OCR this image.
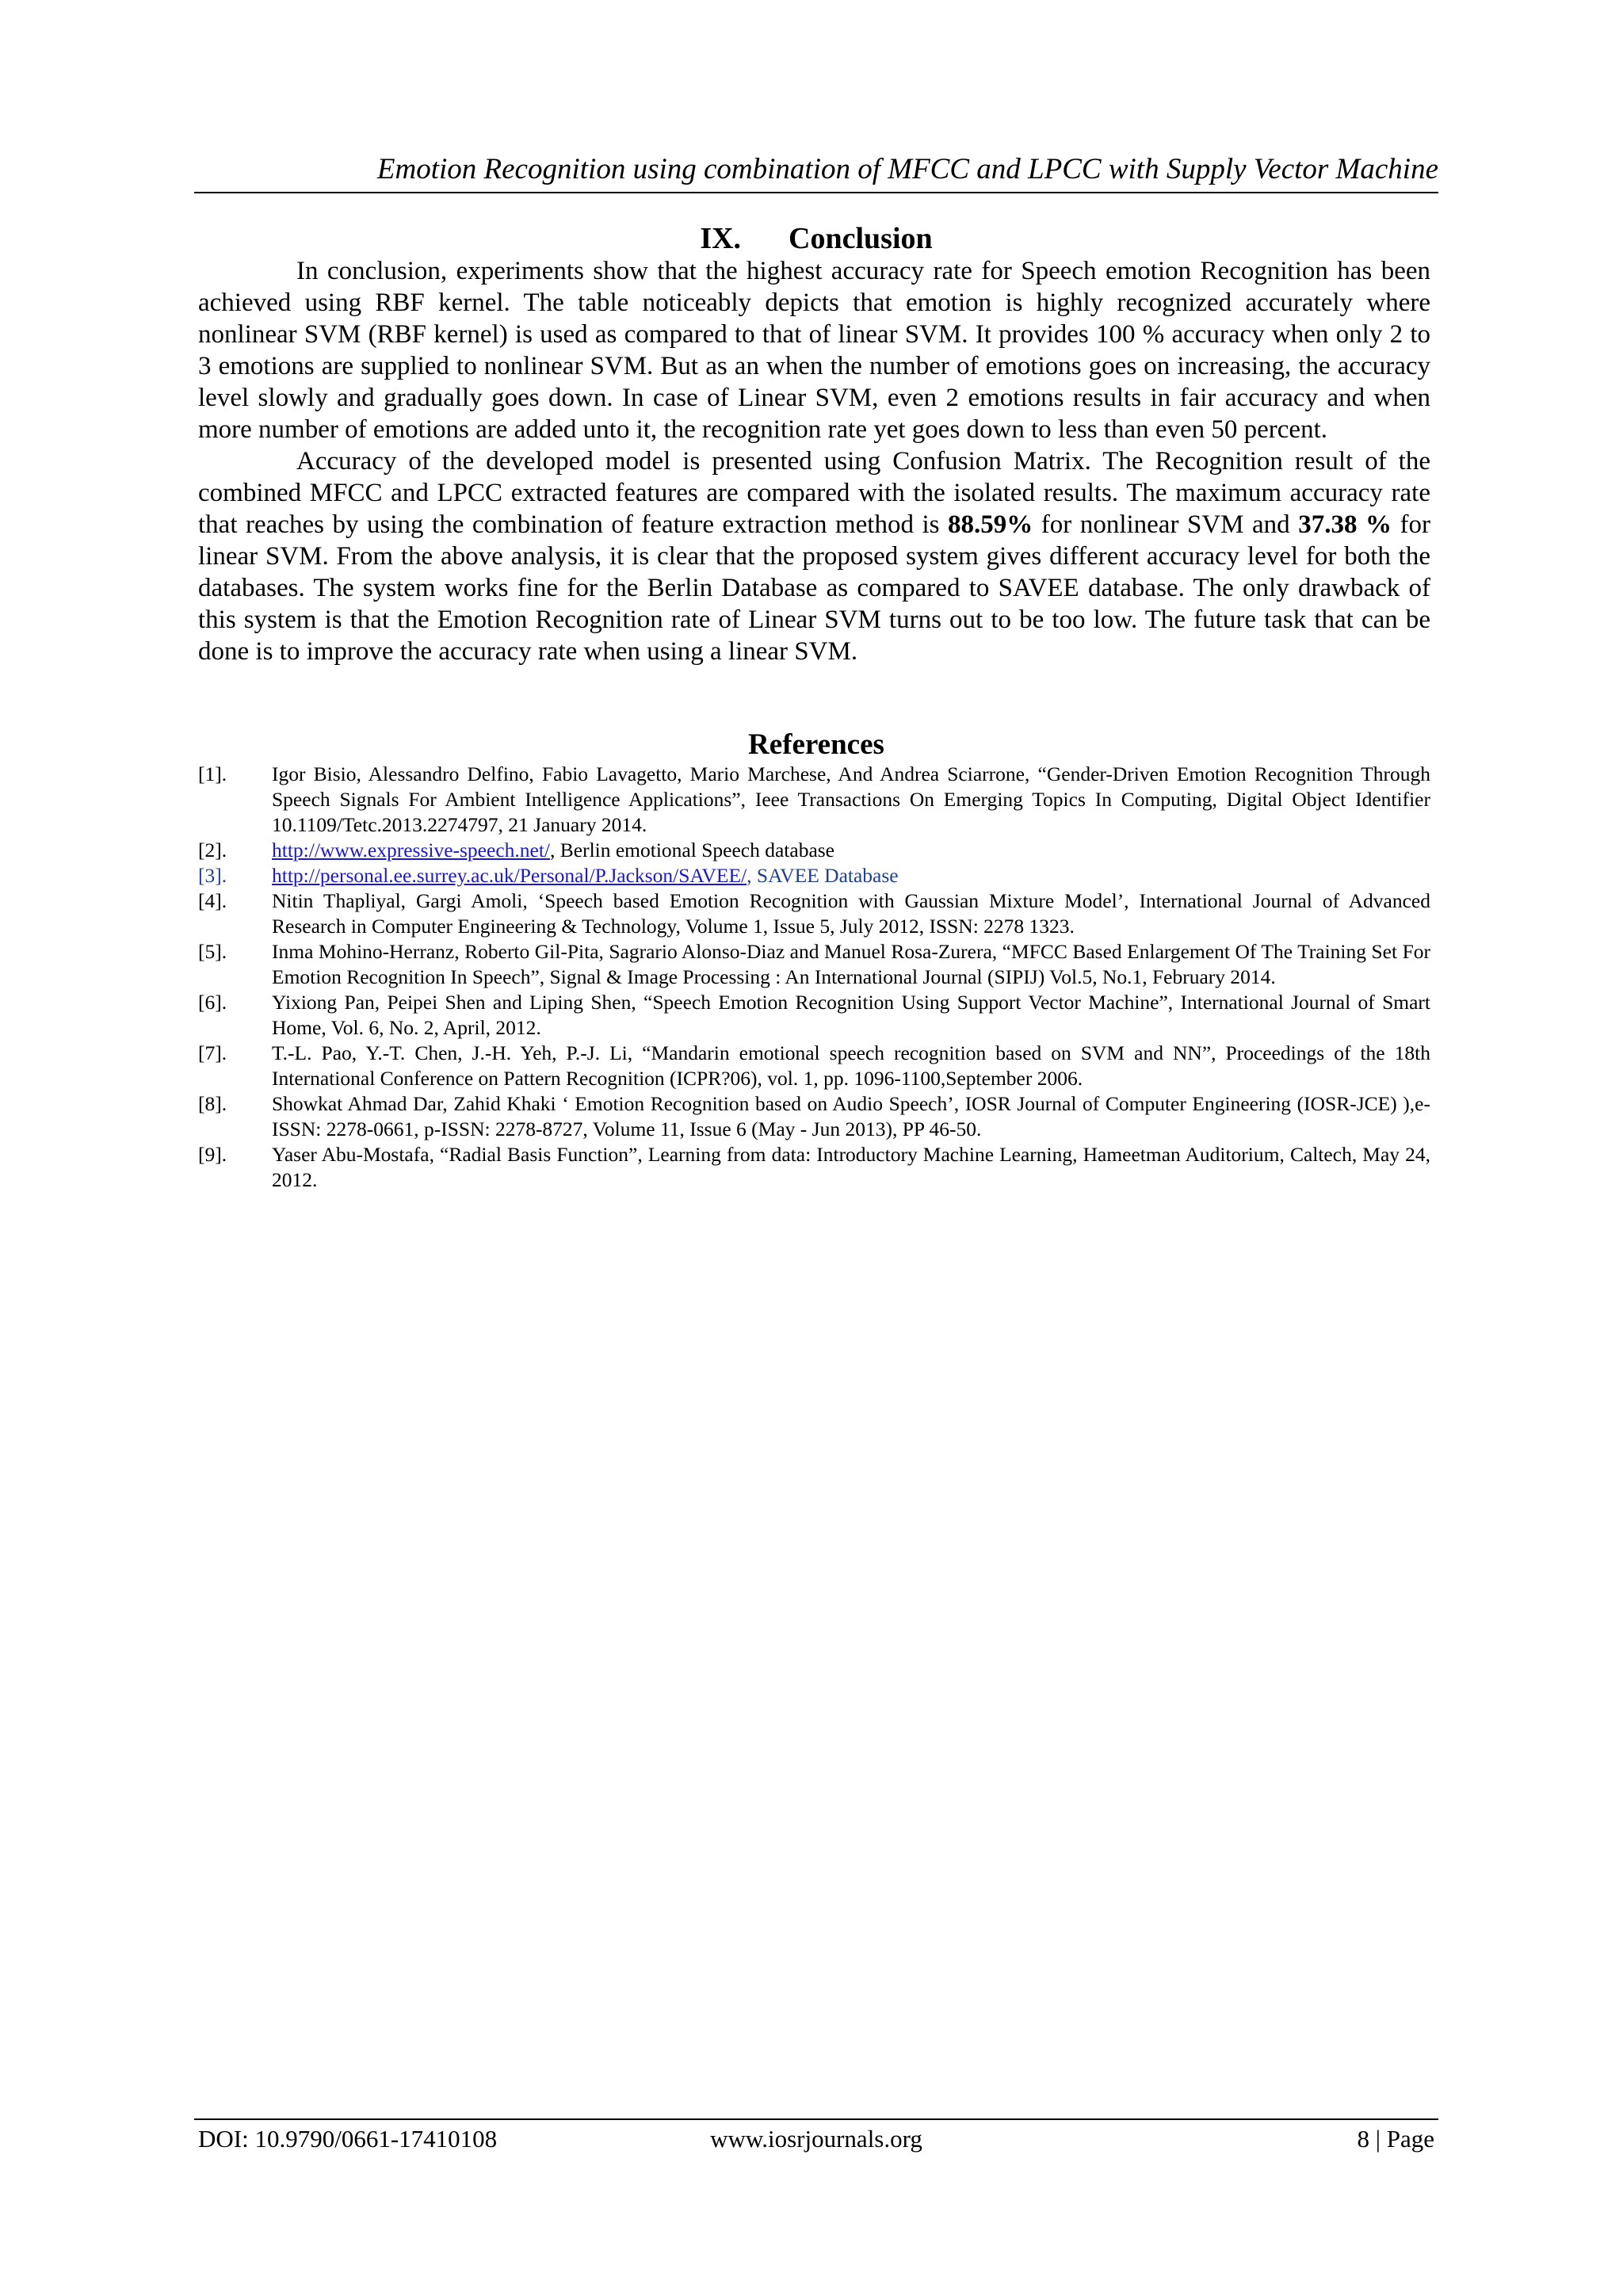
Emotion Recognition using combination of MFCC and LPCC with Supply Vector Machine
IX. Conclusion

In conclusion, experiments show that the highest accuracy rate for Speech emotion Recognition has been achieved using RBF kernel. The table noticeably depicts that emotion is highly recognized accurately where nonlinear SVM (RBF kernel) is used as compared to that of linear SVM. It provides 100 % accuracy when only 2 to 3 emotions are supplied to nonlinear SVM. But as an when the number of emotions goes on increasing, the accuracy level slowly and gradually goes down. In case of Linear SVM, even 2 emotions results in fair accuracy and when more number of emotions are added unto it, the recognition rate yet goes down to less than even 50 percent.

Accuracy of the developed model is presented using Confusion Matrix. The Recognition result of the combined MFCC and LPCC extracted features are compared with the isolated results. The maximum accuracy rate that reaches by using the combination of feature extraction method is 88.59% for nonlinear SVM and 37.38 % for linear SVM. From the above analysis, it is clear that the proposed system gives different accuracy level for both the databases. The system works fine for the Berlin Database as compared to SAVEE database. The only drawback of this system is that the Emotion Recognition rate of Linear SVM turns out to be too low. The future task that can be done is to improve the accuracy rate when using a linear SVM.

References
[1].	Igor Bisio, Alessandro Delfino, Fabio Lavagetto, Mario Marchese, And Andrea Sciarrone, “Gender-Driven Emotion Recognition Through Speech Signals For Ambient Intelligence Applications”, Ieee Transactions On Emerging Topics In Computing, Digital Object Identifier 10.1109/Tetc.2013.2274797, 21 January 2014.
[2].	http://www.expressive-speech.net/, Berlin emotional Speech database
[3].	http://personal.ee.surrey.ac.uk/Personal/P.Jackson/SAVEE/, SAVEE Database
[4].	Nitin Thapliyal, Gargi Amoli, ‘Speech based Emotion Recognition with Gaussian Mixture Model’, International Journal of Advanced Research in Computer Engineering & Technology, Volume 1, Issue 5, July 2012, ISSN: 2278 1323.
[5].	Inma Mohino-Herranz, Roberto Gil-Pita, Sagrario Alonso-Diaz and Manuel Rosa-Zurera, “MFCC Based Enlargement Of The Training Set For Emotion Recognition In Speech”, Signal & Image Processing : An International Journal (SIPIJ) Vol.5, No.1, February 2014.
[6].	Yixiong Pan, Peipei Shen and Liping Shen, “Speech Emotion Recognition Using Support Vector Machine”, International Journal of Smart Home, Vol. 6, No. 2, April, 2012.
[7].	T.-L. Pao, Y.-T. Chen, J.-H. Yeh, P.-J. Li, “Mandarin emotional speech recognition based on SVM and NN”, Proceedings of the 18th International Conference on Pattern Recognition (ICPR?06), vol. 1, pp. 1096-1100,September 2006.
[8].	Showkat Ahmad Dar, Zahid Khaki ‘ Emotion Recognition based on Audio Speech’, IOSR Journal of Computer Engineering (IOSR-JCE) ),e-ISSN: 2278-0661, p-ISSN: 2278-8727, Volume 11, Issue 6 (May - Jun 2013), PP 46-50.
[9].	Yaser Abu-Mostafa, “Radial Basis Function”, Learning from data: Introductory Machine Learning, Hameetman Auditorium, Caltech, May 24, 2012.
DOI: 10.9790/0661-17410108	www.iosrjournals.org	8 | Page
